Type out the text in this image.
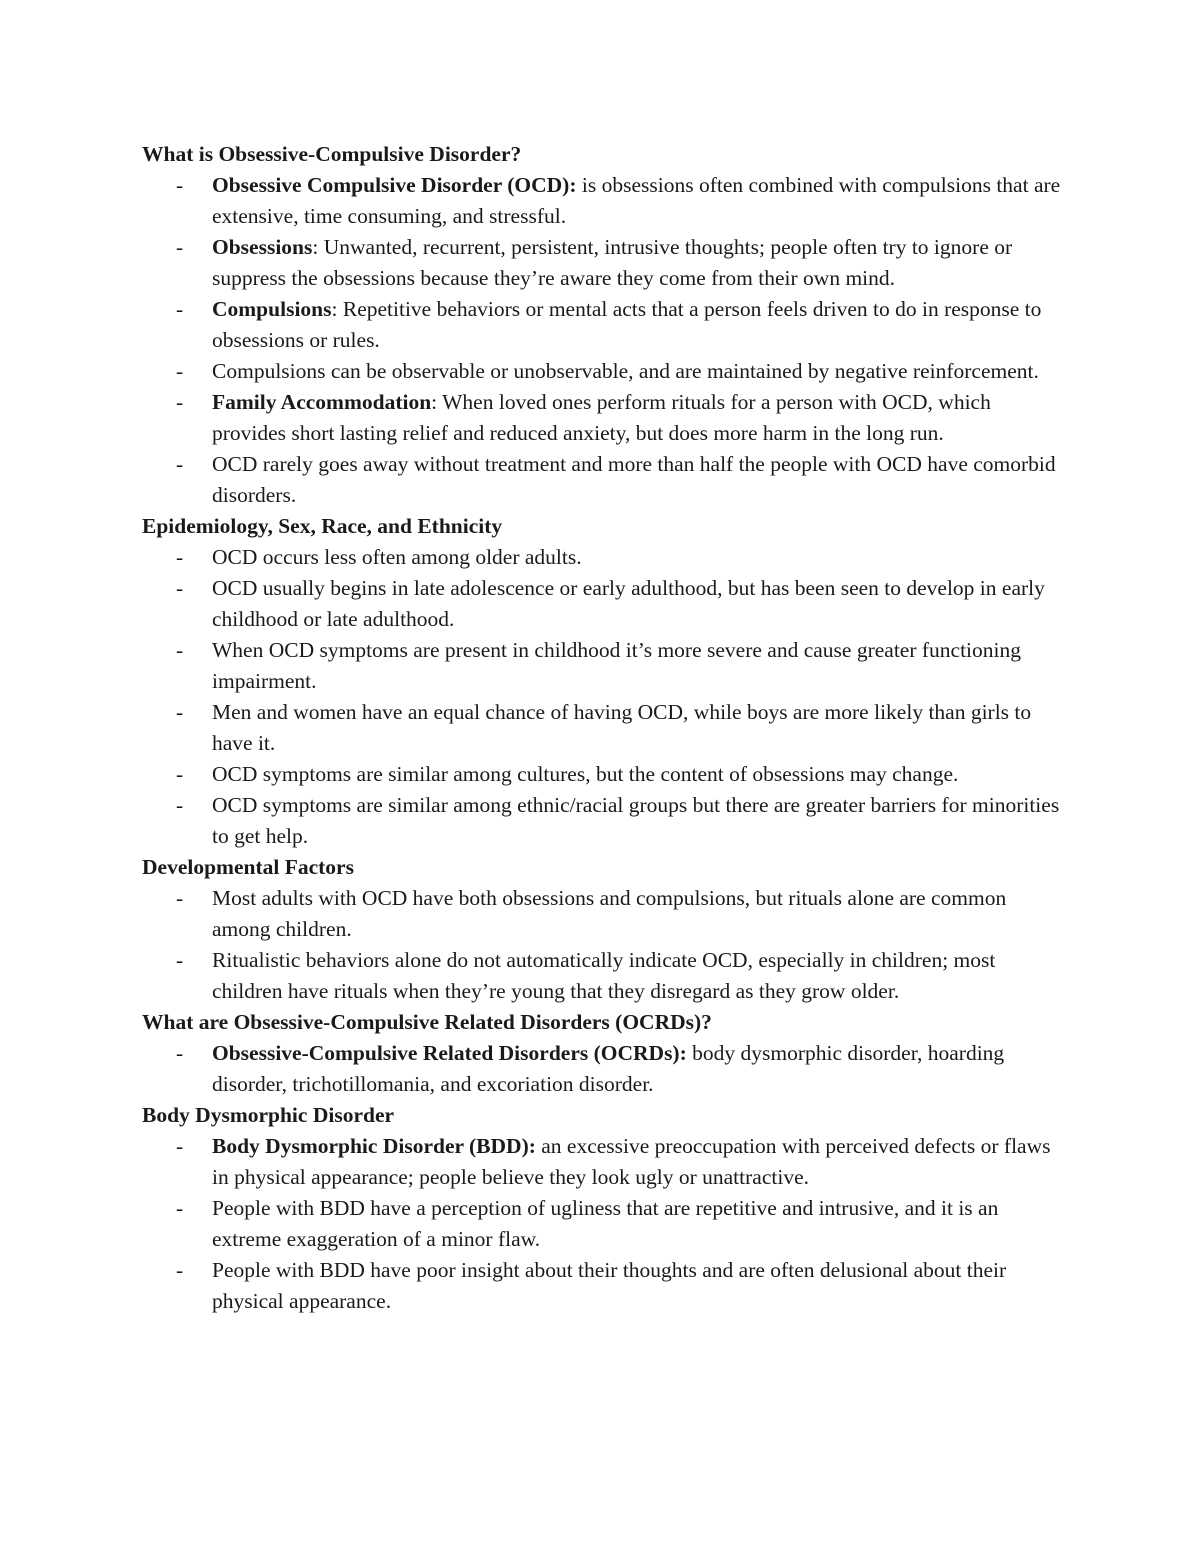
What is Obsessive-Compulsive Disorder?
- Obsessive Compulsive Disorder (OCD): is obsessions often combined with compulsions that are extensive, time consuming, and stressful.
- Obsessions: Unwanted, recurrent, persistent, intrusive thoughts; people often try to ignore or suppress the obsessions because they’re aware they come from their own mind.
- Compulsions: Repetitive behaviors or mental acts that a person feels driven to do in response to obsessions or rules.
- Compulsions can be observable or unobservable, and are maintained by negative reinforcement.
- Family Accommodation: When loved ones perform rituals for a person with OCD, which provides short lasting relief and reduced anxiety, but does more harm in the long run.
- OCD rarely goes away without treatment and more than half the people with OCD have comorbid disorders.
Epidemiology, Sex, Race, and Ethnicity
- OCD occurs less often among older adults.
- OCD usually begins in late adolescence or early adulthood, but has been seen to develop in early childhood or late adulthood.
- When OCD symptoms are present in childhood it’s more severe and cause greater functioning impairment.
- Men and women have an equal chance of having OCD, while boys are more likely than girls to have it.
- OCD symptoms are similar among cultures, but the content of obsessions may change.
- OCD symptoms are similar among ethnic/racial groups but there are greater barriers for minorities to get help.
Developmental Factors
- Most adults with OCD have both obsessions and compulsions, but rituals alone are common among children.
- Ritualistic behaviors alone do not automatically indicate OCD, especially in children; most children have rituals when they’re young that they disregard as they grow older.
What are Obsessive-Compulsive Related Disorders (OCRDs)?
- Obsessive-Compulsive Related Disorders (OCRDs): body dysmorphic disorder, hoarding disorder, trichotillomania, and excoriation disorder.
Body Dysmorphic Disorder
- Body Dysmorphic Disorder (BDD): an excessive preoccupation with perceived defects or flaws in physical appearance; people believe they look ugly or unattractive.
- People with BDD have a perception of ugliness that are repetitive and intrusive, and it is an extreme exaggeration of a minor flaw.
- People with BDD have poor insight about their thoughts and are often delusional about their physical appearance.
